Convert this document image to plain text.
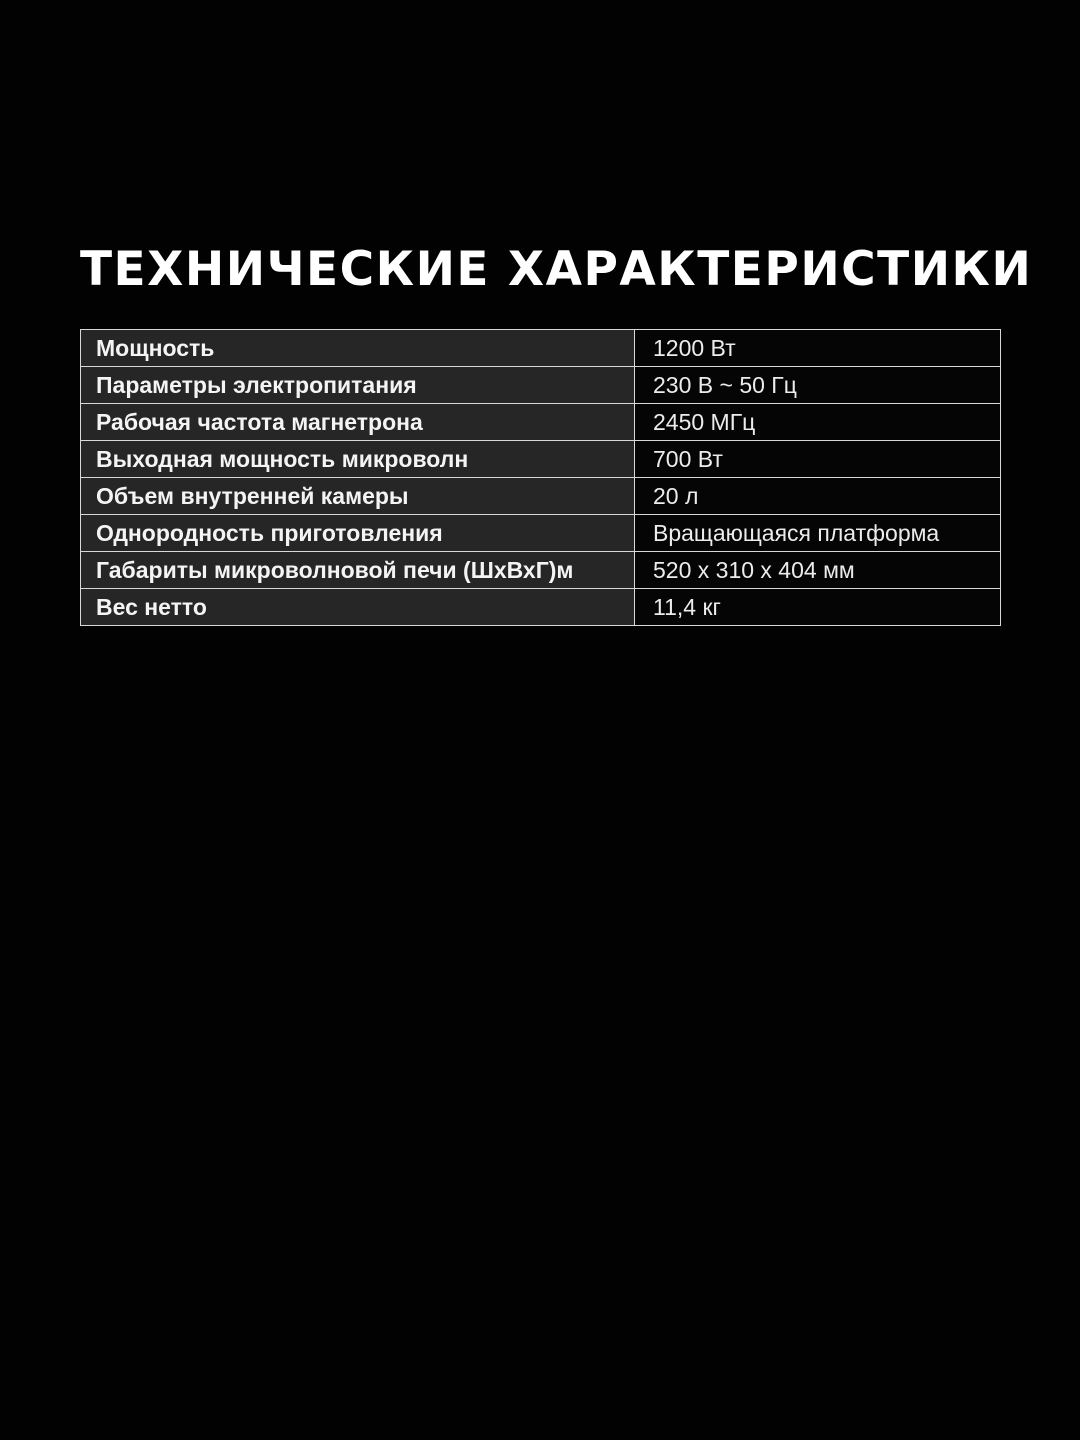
ТЕХНИЧЕСКИЕ ХАРАКТЕРИСТИКИ
Мощность	1200 Вт
Параметры электропитания	230 В ~ 50 Гц
Рабочая частота магнетрона	2450 МГц
Выходная мощность микроволн	700 Вт
Объем внутренней камеры	20 л
Однородность приготовления	Вращающаяся платформа
Габариты микроволновой печи (ШхВхГ)м	520 х 310 х 404 мм
Вес нетто	11,4 кг
